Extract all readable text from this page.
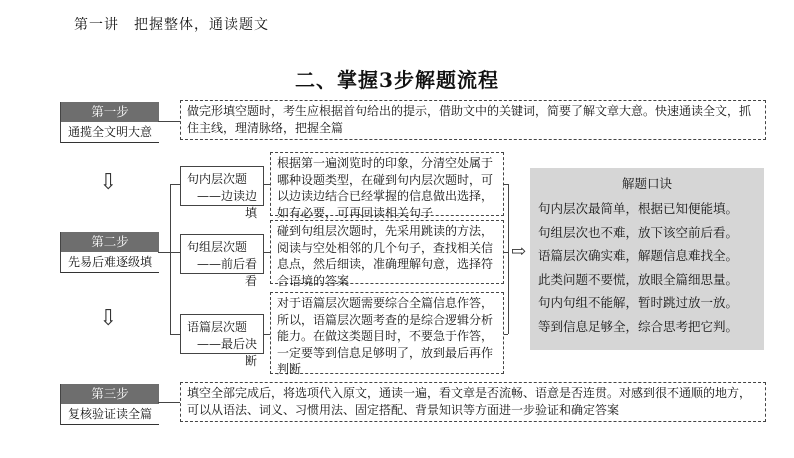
第一讲　把握整体，通读题文
二、掌握3步解题流程
第一步
通揽全文明大意
做完形填空题时，考生应根据首句给出的提示，借助文中的关键词，简要了解文章大意。快速通读全文，抓住主线，理清脉络，把握全篇
⇩
第二步
先易后难逐级填
句内层次题
——边读边填
句组层次题
——前后看看
语篇层次题
——最后决断
根据第一遍浏览时的印象，分清空处属于哪种设题类型，在碰到句内层次题时，可以边读边结合已经掌握的信息做出选择，如有必要，可再回读相关句子
碰到句组层次题时，先采用跳读的方法，阅读与空处相邻的几个句子，查找相关信息点，然后细读，准确理解句意，选择符合语境的答案
对于语篇层次题需要综合全篇信息作答，所以，语篇层次题考查的是综合逻辑分析能力。在做这类题目时，不要急于作答，一定要等到信息足够明了，放到最后再作判断
⇨
解题口诀
句内层次最简单，根据已知便能填。
句组层次也不难，放下该空前后看。
语篇层次确实难，解题信息难找全。
此类问题不要慌，放眼全篇细思量。
句内句组不能解，暂时跳过放一放。
等到信息足够全，综合思考把它判。
⇩
第三步
复核验证读全篇
填空全部完成后，将选项代入原文，通读一遍，看文章是否流畅、语意是否连贯。对感到很不通顺的地方，可以从语法、词义、习惯用法、固定搭配、背景知识等方面进一步验证和确定答案
